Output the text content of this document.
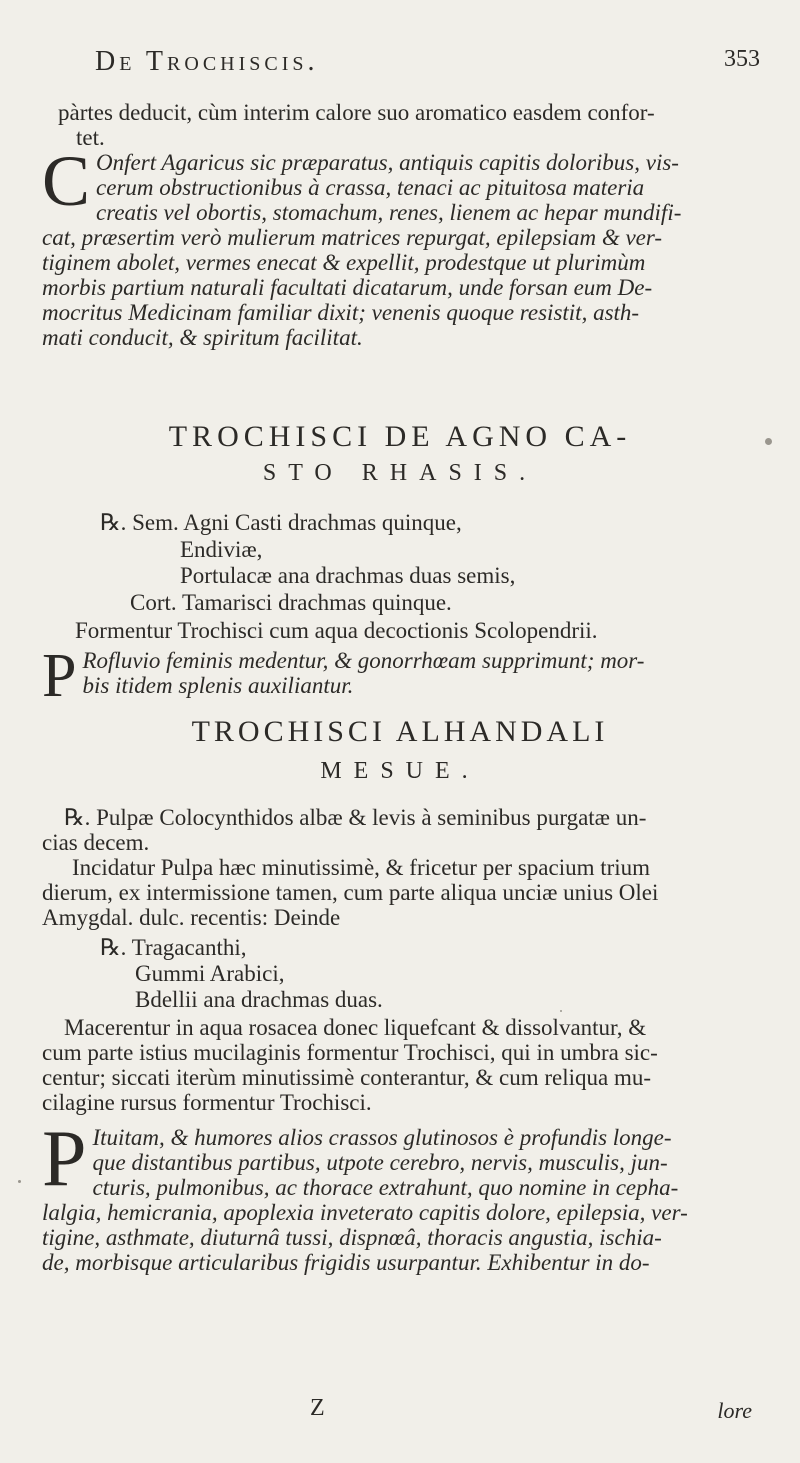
De Trochiscis.	353

pàrtes deducit, cùm interim calore suo aromatico easdem confor-

tet.

C Onfert Agaricus sic præparatus, antiquis capitis doloribus, vis-

cerum obstructionibus à crassa, tenaci ac pituitosa materia

creatis vel obortis, stomachum, renes, lienem ac hepar mundifi-

cat, præsertim verò mulierum matrices repurgat, epilepsiam & ver-

tiginem abolet, vermes enecat & expellit, prodestque ut plurimùm

morbis partium naturali facultati dicatarum, unde forsan eum De-

mocritus Medicinam familiar dixit; venenis quoque resistit, asth-

mati conducit, & spiritum facilitat.

TROCHISCI DE AGNO CA-
STO RHASIS.
℞. Sem. Agni Casti drachmas quinque,
Endiviæ,
Portulacæ ana drachmas duas semis,
Cort. Tamarisci drachmas quinque.
Formentur Trochisci cum aqua decoctionis Scolopendrii.
P Rofluvio feminis medentur, & gonorrhœam supprimunt; mor-

bis itidem splenis auxiliantur.

TROCHISCI ALHANDALI
MESUE.

℞. Pulpæ Colocynthidos albæ & levis à seminibus purgatæ un-

cias decem.

Incidatur Pulpa hæc minutissimè, & fricetur per spacium trium

dierum, ex intermissione tamen, cum parte aliqua unciæ unius Olei

Amygdal. dulc. recentis: Deinde

℞. Tragacanthi,
Gummi Arabici,
Bdellii ana drachmas duas.

Macerentur in aqua rosacea donec liquefcant & dissolvantur, &

cum parte istius mucilaginis formentur Trochisci, qui in umbra sic-

centur; siccati iterùm minutissimè conterantur, & cum reliqua mu-

cilagine rursus formentur Trochisci.

P Ituitam, & humores alios crassos glutinosos è profundis longe-

que distantibus partibus, utpote cerebro, nervis, musculis, jun-

cturis, pulmonibus, ac thorace extrahunt, quo nomine in cepha-

lalgia, hemicrania, apoplexia inveterato capitis dolore, epilepsia, ver-

tigine, asthmate, diuturnâ tussi, dispnœâ, thoracis angustia, ischia-

de, morbisque articularibus frigidis usurpantur. Exhibentur in do-

Z	lore
